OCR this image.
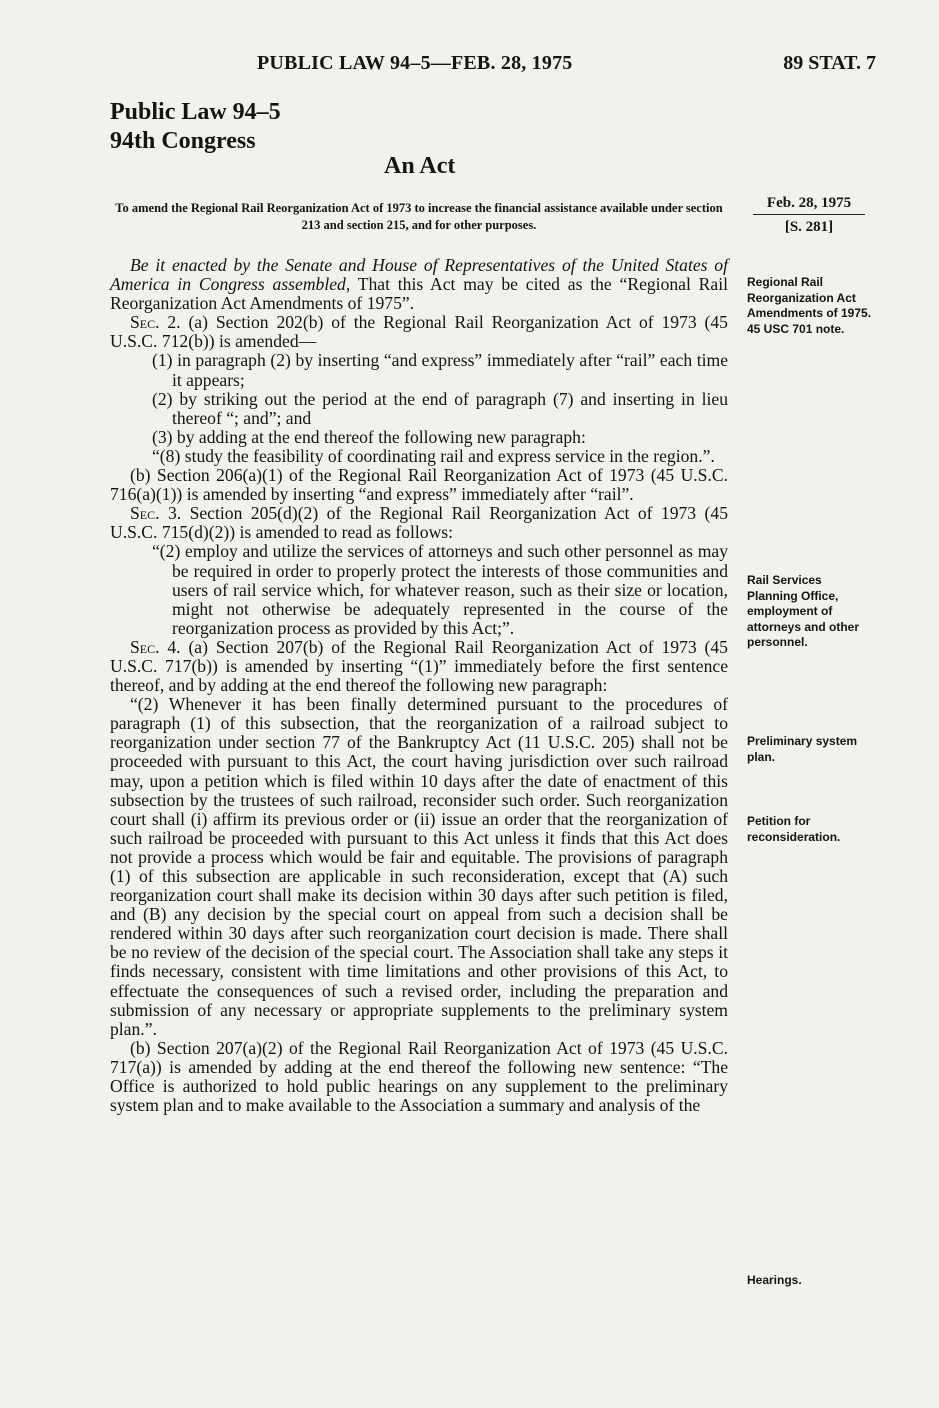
PUBLIC LAW 94–5—FEB. 28, 1975	89 STAT. 7
Public Law 94–5
94th Congress
An Act
To amend the Regional Rail Reorganization Act of 1973 to increase the financial assistance available under section 213 and section 215, and for other purposes.
Feb. 28, 1975
[S. 281]

Be it enacted by the Senate and House of Representatives of the United States of America in Congress assembled, That this Act may be cited as the “Regional Rail Reorganization Act Amendments of 1975”.

Sec. 2. (a) Section 202(b) of the Regional Rail Reorganization Act of 1973 (45 U.S.C. 712(b)) is amended—

(1) in paragraph (2) by inserting “and express” immediately after “rail” each time it appears;

(2) by striking out the period at the end of paragraph (7) and inserting in lieu thereof “; and”; and

(3) by adding at the end thereof the following new paragraph:

“(8) study the feasibility of coordinating rail and express service in the region.”.

(b) Section 206(a)(1) of the Regional Rail Reorganization Act of 1973 (45 U.S.C. 716(a)(1)) is amended by inserting “and express” immediately after “rail”.

Sec. 3. Section 205(d)(2) of the Regional Rail Reorganization Act of 1973 (45 U.S.C. 715(d)(2)) is amended to read as follows:

“(2) employ and utilize the services of attorneys and such other personnel as may be required in order to properly protect the interests of those communities and users of rail service which, for whatever reason, such as their size or location, might not otherwise be adequately represented in the course of the reorganization process as provided by this Act;”.

Sec. 4. (a) Section 207(b) of the Regional Rail Reorganization Act of 1973 (45 U.S.C. 717(b)) is amended by inserting “(1)” immediately before the first sentence thereof, and by adding at the end thereof the following new paragraph:

“(2) Whenever it has been finally determined pursuant to the procedures of paragraph (1) of this subsection, that the reorganization of a railroad subject to reorganization under section 77 of the Bankruptcy Act (11 U.S.C. 205) shall not be proceeded with pursuant to this Act, the court having jurisdiction over such railroad may, upon a petition which is filed within 10 days after the date of enactment of this subsection by the trustees of such railroad, reconsider such order. Such reorganization court shall (i) affirm its previous order or (ii) issue an order that the reorganization of such railroad be proceeded with pursuant to this Act unless it finds that this Act does not provide a process which would be fair and equitable. The provisions of paragraph (1) of this subsection are applicable in such reconsideration, except that (A) such reorganization court shall make its decision within 30 days after such petition is filed, and (B) any decision by the special court on appeal from such a decision shall be rendered within 30 days after such reorganization court decision is made. There shall be no review of the decision of the special court. The Association shall take any steps it finds necessary, consistent with time limitations and other provisions of this Act, to effectuate the consequences of such a revised order, including the preparation and submission of any necessary or appropriate supplements to the preliminary system plan.”.

(b) Section 207(a)(2) of the Regional Rail Reorganization Act of 1973 (45 U.S.C. 717(a)) is amended by adding at the end thereof the following new sentence: “The Office is authorized to hold public hearings on any supplement to the preliminary system plan and to make available to the Association a summary and analysis of the

Regional Rail Reorganization Act Amendments of 1975.
45 USC 701 note.
Rail Services Planning Office, employment of attorneys and other personnel.
Preliminary system plan.
Petition for reconsideration.
Hearings.
